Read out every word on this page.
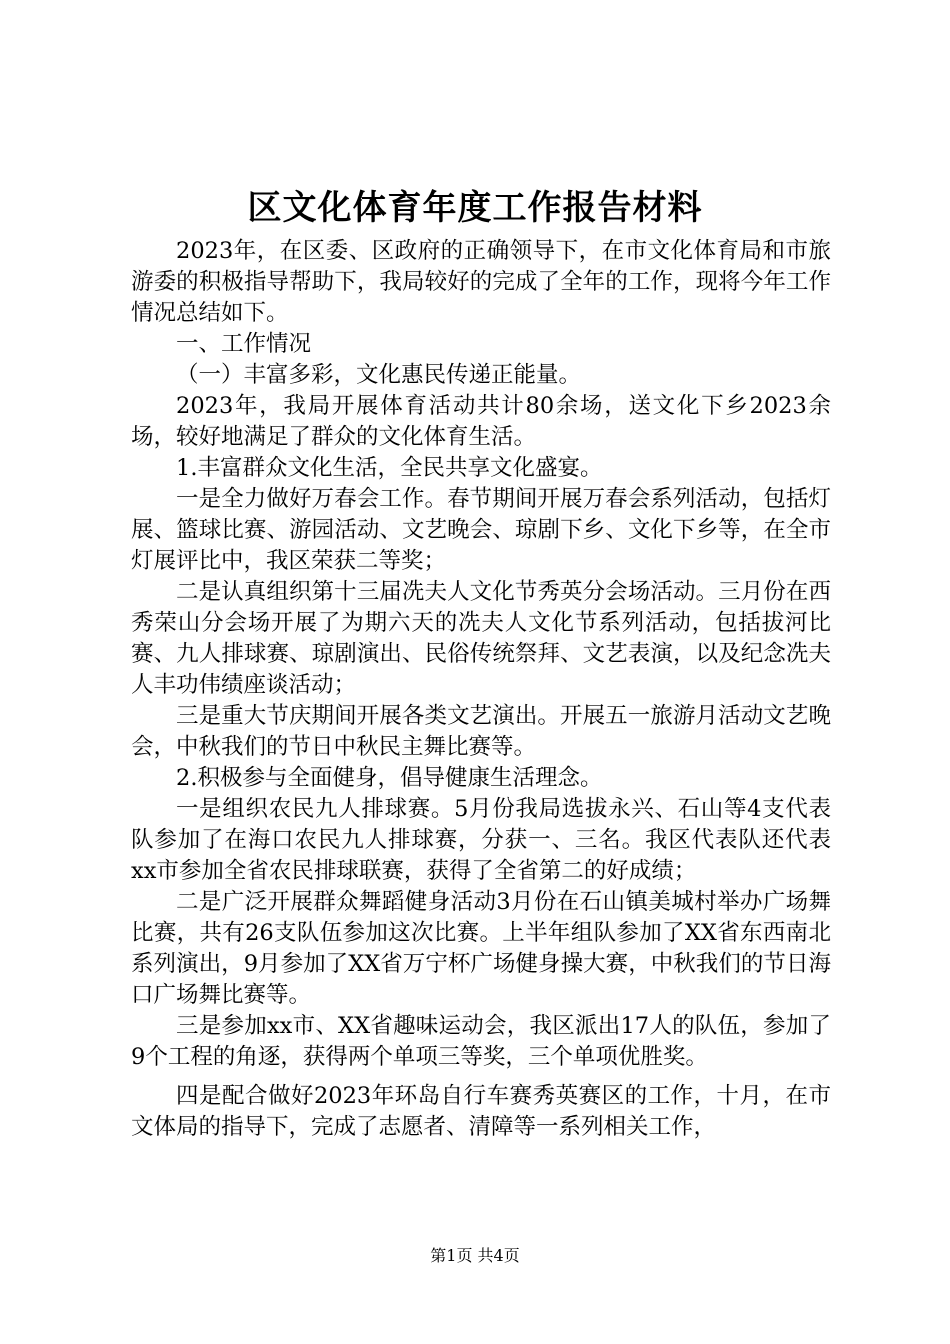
区文化体育年度工作报告材料

2023年，在区委、区政府的正确领导下，在市文化体育局和市旅游委的积极指导帮助下，我局较好的完成了全年的工作，现将今年工作情况总结如下。

一、工作情况

（一）丰富多彩，文化惠民传递正能量。

2023年，我局开展体育活动共计80余场，送文化下乡2023余场，较好地满足了群众的文化体育生活。

1.丰富群众文化生活，全民共享文化盛宴。

一是全力做好万春会工作。春节期间开展万春会系列活动，包括灯展、篮球比赛、游园活动、文艺晚会、琼剧下乡、文化下乡等，在全市灯展评比中，我区荣获二等奖；

二是认真组织第十三届冼夫人文化节秀英分会场活动。三月份在西秀荣山分会场开展了为期六天的冼夫人文化节系列活动，包括拔河比赛、九人排球赛、琼剧演出、民俗传统祭拜、文艺表演，以及纪念冼夫人丰功伟绩座谈活动；

三是重大节庆期间开展各类文艺演出。开展五一旅游月活动文艺晚会，中秋我们的节日中秋民主舞比赛等。

2.积极参与全面健身，倡导健康生活理念。

一是组织农民九人排球赛。5月份我局选拔永兴、石山等4支代表队参加了在海口农民九人排球赛，分获一、三名。我区代表队还代表xx市参加全省农民排球联赛，获得了全省第二的好成绩；

二是广泛开展群众舞蹈健身活动3月份在石山镇美城村举办广场舞比赛，共有26支队伍参加这次比赛。上半年组队参加了XX省东西南北系列演出，9月参加了XX省万宁杯广场健身操大赛，中秋我们的节日海口广场舞比赛等。

三是参加xx市、XX省趣味运动会，我区派出17人的队伍，参加了9个工程的角逐，获得两个单项三等奖，三个单项优胜奖。

四是配合做好2023年环岛自行车赛秀英赛区的工作，十月，在市文体局的指导下，完成了志愿者、清障等一系列相关工作，

第1页 共4页
